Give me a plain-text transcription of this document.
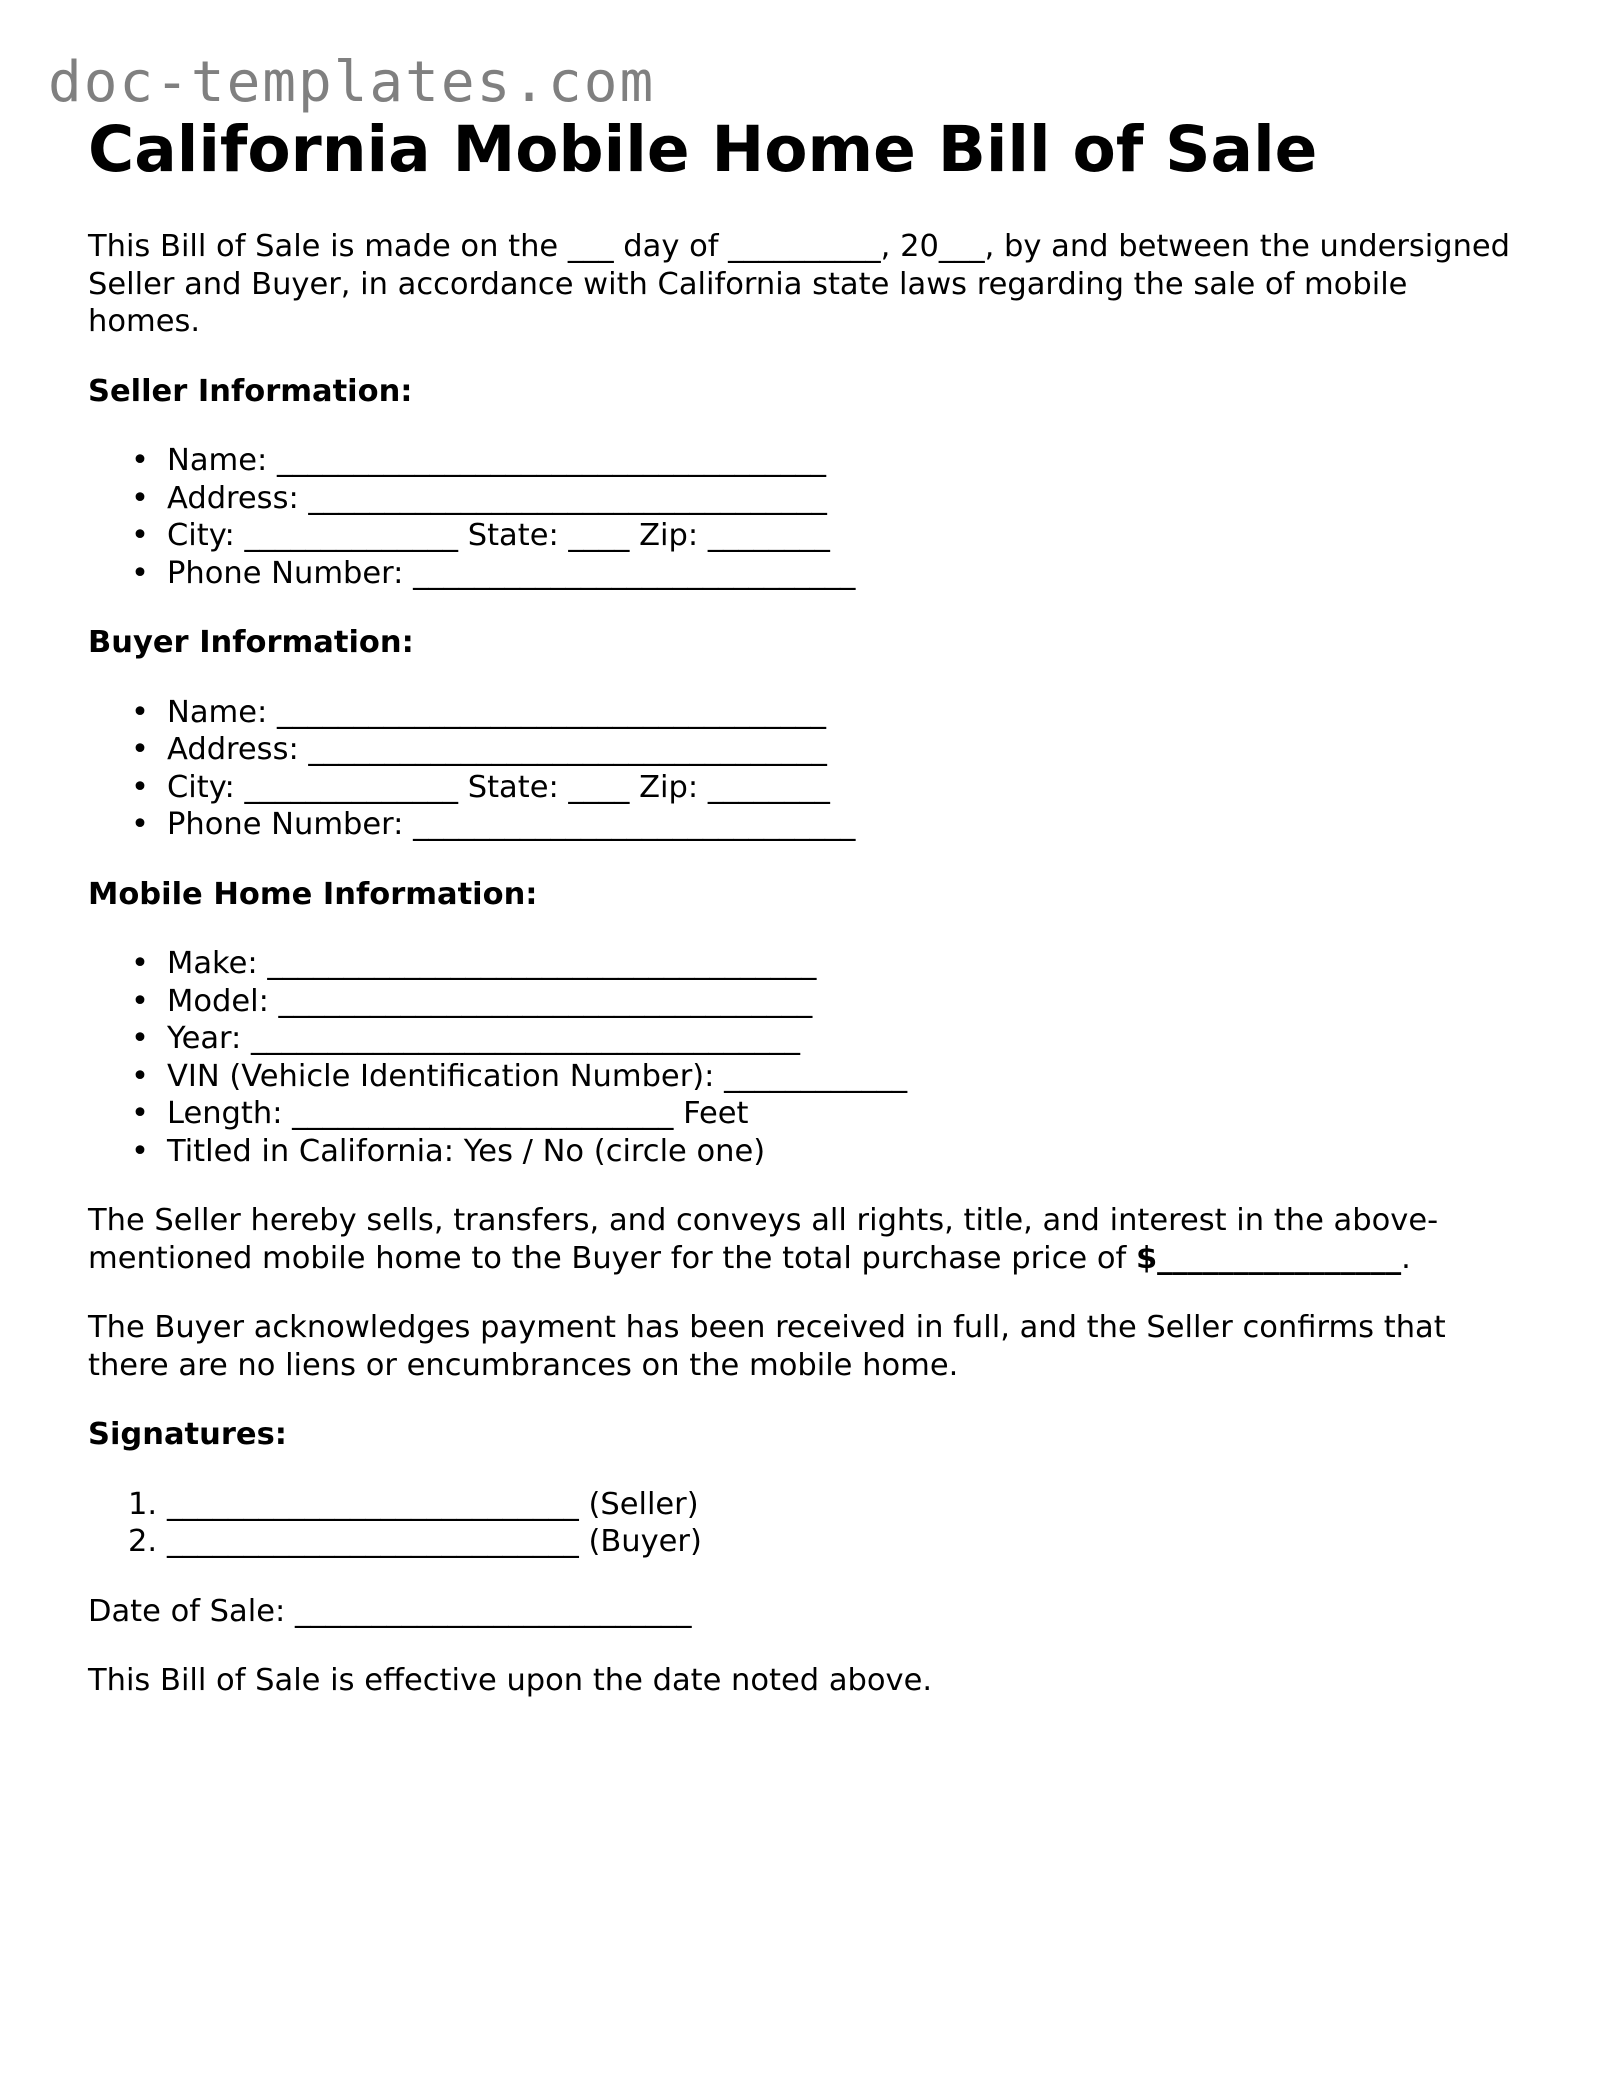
doc-templates.com
California Mobile Home Bill of Sale

This Bill of Sale is made on the ___ day of __________, 20___, by and between the undersigned Seller and Buyer, in accordance with California state laws regarding the sale of mobile homes.

Seller Information:

• Name: ____________________________________
• Address: __________________________________
• City: ______________ State: ____ Zip: ________
• Phone Number: _____________________________

Buyer Information:

• Name: ____________________________________
• Address: __________________________________
• City: ______________ State: ____ Zip: ________
• Phone Number: _____________________________

Mobile Home Information:

• Make: ____________________________________
• Model: ___________________________________
• Year: ____________________________________
• VIN (Vehicle Identification Number): ____________
• Length: _________________________ Feet
• Titled in California: Yes / No (circle one)

The Seller hereby sells, transfers, and conveys all rights, title, and interest in the above-mentioned mobile home to the Buyer for the total purchase price of $________________.

The Buyer acknowledges payment has been received in full, and the Seller confirms that there are no liens or encumbrances on the mobile home.

Signatures:

1. ___________________________ (Seller)
2. ___________________________ (Buyer)

Date of Sale: __________________________

This Bill of Sale is effective upon the date noted above.
